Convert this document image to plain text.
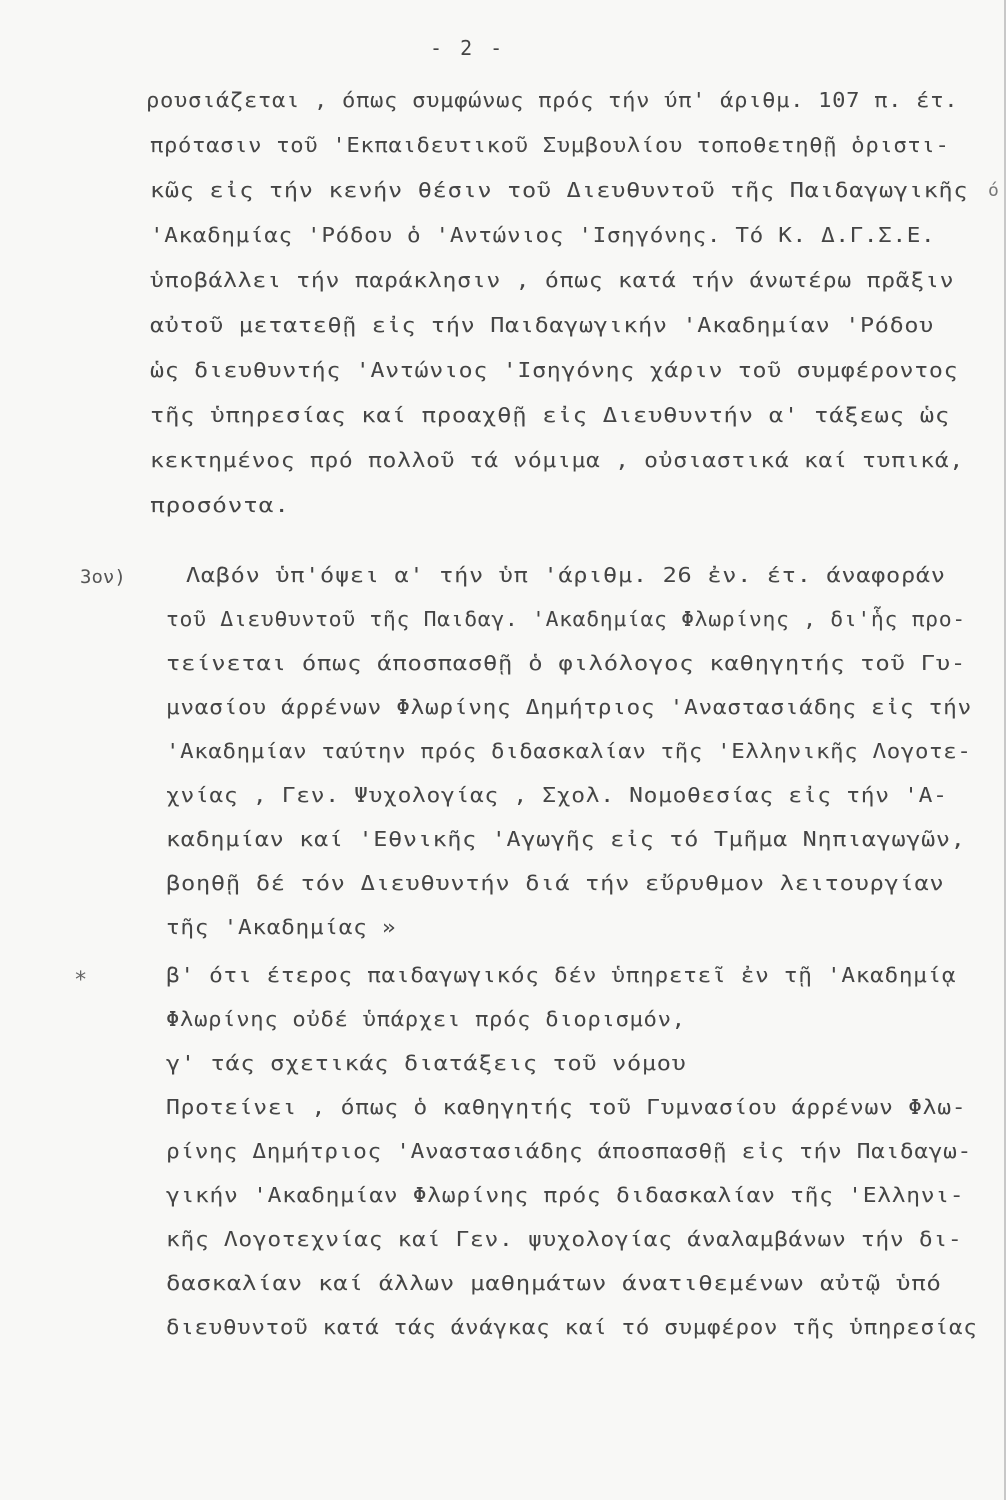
- 2 -
3ον)
*
ό
ρουσιάζεται , όπως συμφώνως πρός τήν ύπ' άριθμ. 107 π. έτ.
πρότασιν τοῦ 'Εκπαιδευτικοῦ Συμβουλίου τοποθετηθῇ ὁριστι-
κῶς εἰς τήν κενήν θέσιν τοῦ Διευθυντοῦ τῆς Παιδαγωγικῆς
'Ακαδημίας 'Ρόδου ὁ 'Αντώνιος 'Ισηγόνης. Τό Κ. Δ.Γ.Σ.Ε.
ὑποβάλλει τήν παράκλησιν , όπως κατά τήν άνωτέρω πρᾶξιν
αὐτοῦ μετατεθῇ εἰς τήν Παιδαγωγικήν 'Ακαδημίαν 'Ρόδου
ὡς διευθυντής 'Αντώνιος 'Ισηγόνης χάριν τοῦ συμφέροντος
τῆς ὑπηρεσίας καί προαχθῇ εἰς Διευθυντήν α' τάξεως ὡς
κεκτημένος πρό πολλοῦ τά νόμιμα , οὐσιαστικά καί τυπικά,
προσόντα.
Λαβόν ὑπ'όψει α' τήν ὑπ 'άριθμ. 26 ἐν. έτ. άναφοράν
τοῦ Διευθυντοῦ τῆς Παιδαγ. 'Ακαδημίας Φλωρίνης , δι'ἧς προ-
τείνεται όπως άποσπασθῇ ὁ φιλόλογος καθηγητής τοῦ Γυ-
μνασίου άρρένων Φλωρίνης Δημήτριος 'Αναστασιάδης εἰς τήν
'Ακαδημίαν ταύτην πρός διδασκαλίαν τῆς 'Ελληνικῆς Λογοτε-
χνίας , Γεν. Ψυχολογίας , Σχολ. Νομοθεσίας εἰς τήν 'Α-
καδημίαν καί 'Εθνικῆς 'Αγωγῆς εἰς τό Τμῆμα Νηπιαγωγῶν,
βοηθῇ δέ τόν Διευθυντήν διά τήν εὔρυθμον λειτουργίαν
τῆς 'Ακαδημίας »
β' ότι έτερος παιδαγωγικός δέν ὑπηρετεῖ ἐν τῇ 'Ακαδημίᾳ
Φλωρίνης οὐδέ ὑπάρχει πρός διορισμόν,
γ' τάς σχετικάς διατάξεις τοῦ νόμου
Προτείνει , όπως ὁ καθηγητής τοῦ Γυμνασίου άρρένων Φλω-
ρίνης Δημήτριος 'Αναστασιάδης άποσπασθῇ εἰς τήν Παιδαγω-
γικήν 'Ακαδημίαν Φλωρίνης πρός διδασκαλίαν τῆς 'Ελληνι-
κῆς Λογοτεχνίας καί Γεν. ψυχολογίας άναλαμβάνων τήν δι-
δασκαλίαν καί άλλων μαθημάτων άνατιθεμένων αὐτῷ ὑπό
διευθυντοῦ κατά τάς άνάγκας καί τό συμφέρον τῆς ὑπηρεσίας
